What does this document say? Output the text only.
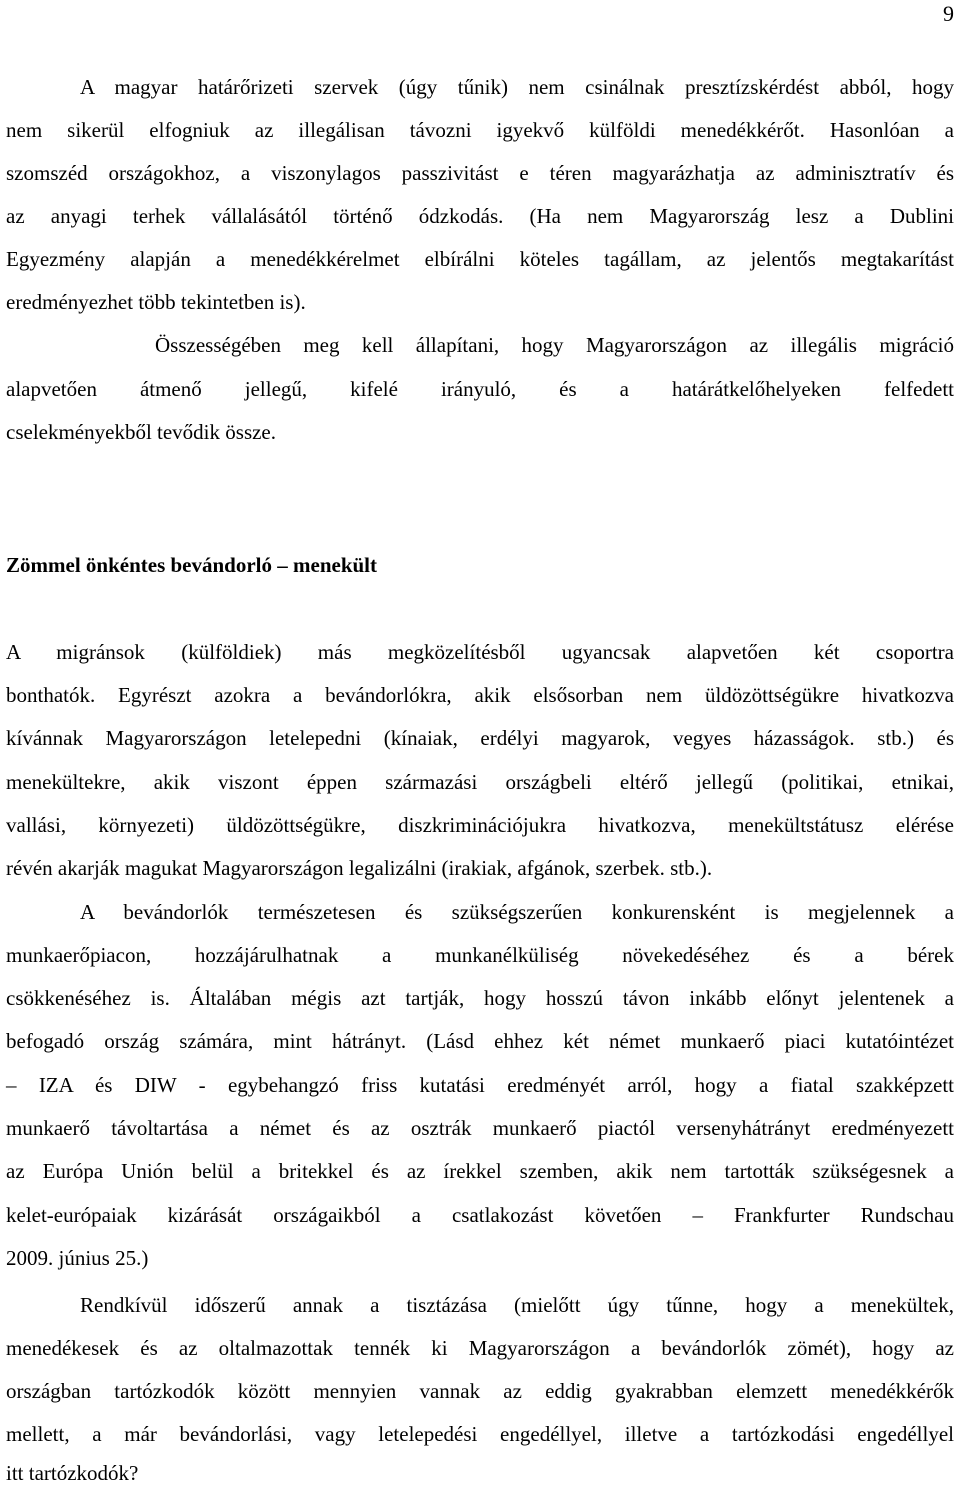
9
A magyar határőrizeti szervek (úgy tűnik) nem csinálnak presztízskérdést abból, hogy
nem sikerül elfogniuk az illegálisan távozni igyekvő külföldi menedékkérőt. Hasonlóan a
szomszéd országokhoz, a viszonylagos passzivitást e téren magyarázhatja az adminisztratív és
az anyagi terhek vállalásától történő ódzkodás. (Ha nem Magyarország lesz a Dublini
Egyezmény alapján a menedékkérelmet elbírálni köteles tagállam, az jelentős megtakarítást
eredményezhet több tekintetben is).
Összességében meg kell állapítani, hogy Magyarországon az illegális migráció
alapvetően átmenő jellegű, kifelé irányuló, és a határátkelőhelyeken felfedett
cselekményekből tevődik össze.
Zömmel önkéntes bevándorló – menekült
A migránsok (külföldiek) más megközelítésből ugyancsak alapvetően két csoportra
bonthatók. Egyrészt azokra a bevándorlókra, akik elsősorban nem üldözöttségükre hivatkozva
kívánnak Magyarországon letelepedni (kínaiak, erdélyi magyarok, vegyes házasságok. stb.) és
menekültekre, akik viszont éppen származási országbeli eltérő jellegű (politikai, etnikai,
vallási, környezeti) üldözöttségükre, diszkriminációjukra hivatkozva, menekültstátusz elérése
révén akarják magukat Magyarországon legalizálni (irakiak, afgánok, szerbek. stb.).
A bevándorlók természetesen és szükségszerűen konkurensként is megjelennek a
munkaerőpiacon, hozzájárulhatnak a munkanélküliség növekedéséhez és a bérek
csökkenéséhez is. Általában mégis azt tartják, hogy hosszú távon inkább előnyt jelentenek a
befogadó ország számára, mint hátrányt. (Lásd ehhez két német munkaerő piaci kutatóintézet
– IZA és DIW - egybehangzó friss kutatási eredményét arról, hogy a fiatal szakképzett
munkaerő távoltartása a német és az osztrák munkaerő piactól versenyhátrányt eredményezett
az Európa Unión belül a britekkel és az írekkel szemben, akik nem tartották szükségesnek a
kelet-európaiak kizárását országaikból a csatlakozást követően – Frankfurter Rundschau
2009. június 25.)
Rendkívül időszerű annak a tisztázása (mielőtt úgy tűnne, hogy a menekültek,
menedékesek és az oltalmazottak tennék ki Magyarországon a bevándorlók zömét), hogy az
országban tartózkodók között mennyien vannak az eddig gyakrabban elemzett menedékkérők
mellett, a már bevándorlási, vagy letelepedési engedéllyel, illetve a tartózkodási engedéllyel
itt tartózkodók?
